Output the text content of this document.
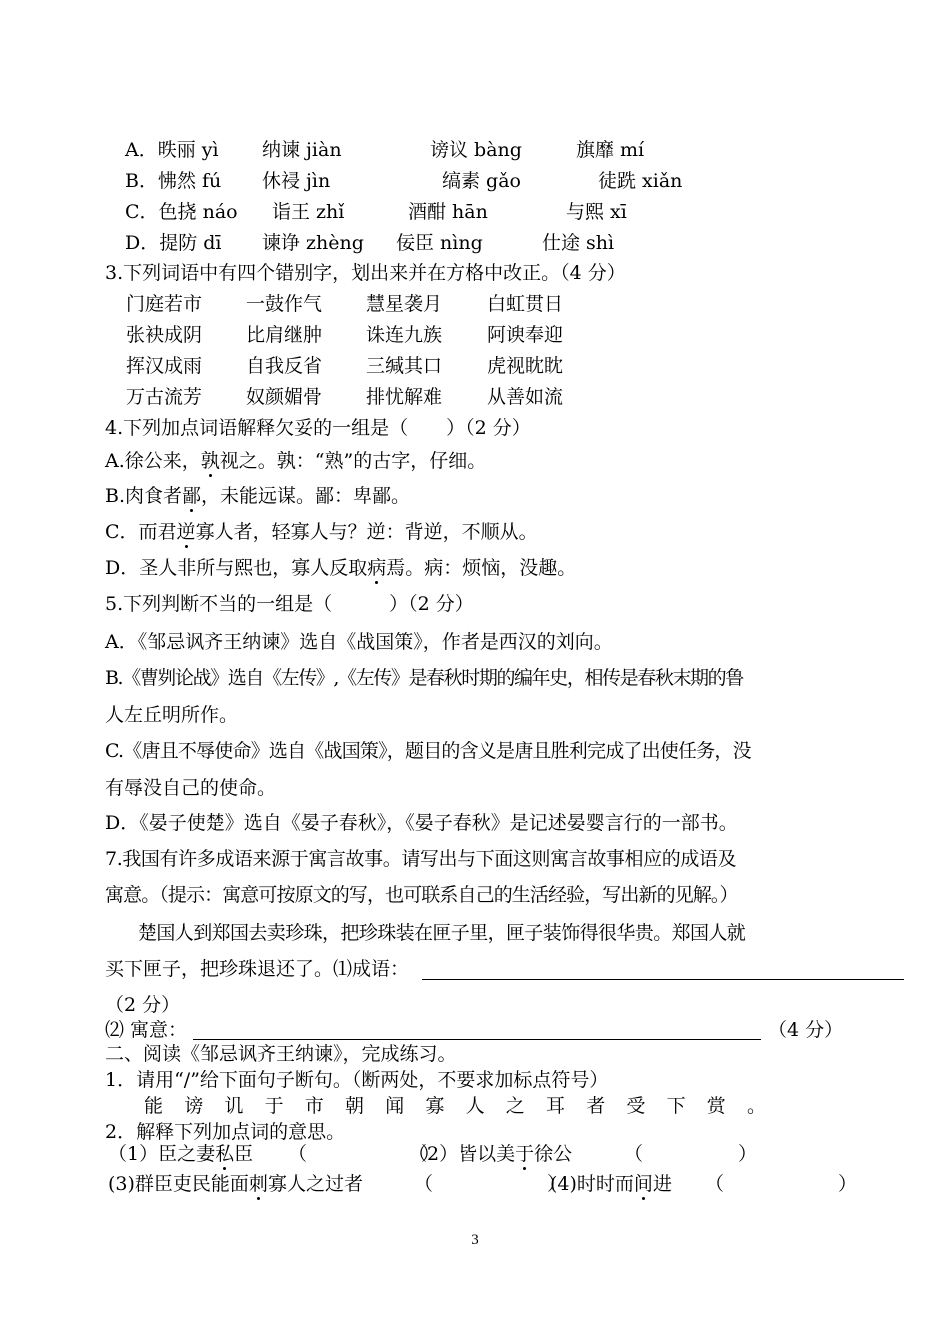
A．昳丽 yì 纳谏 jiàn	谤议 bàng	旗靡 mí
B．怫然 fú 休祲 jìn	缟素 gǎo	徒跣 xiǎn
C．色挠 náo 诣王 zhǐ	酒酣 hān	与熙 xī
D．提防 dī 谏诤 zhèng 佞臣 nìng	仕途 shì
3.下列词语中有四个错别字，划出来并在方格中改正。（4 分）
门庭若市 一鼓作气 慧星袭月 白虹贯日
张袂成阴 比肩继肿 诛连九族 阿谀奉迎
挥汉成雨 自我反省 三缄其口 虎视眈眈
万古流芳 奴颜媚骨 排忧解难 从善如流
4.下列加点词语解释欠妥的一组是（　　）（2 分）
A.徐公来，孰视之。孰：“熟”的古字，仔细。
B.肉食者鄙，未能远谋。鄙：卑鄙。
C．而君逆寡人者，轻寡人与？逆：背逆，不顺从。
D．圣人非所与熙也，寡人反取病焉。病：烦恼，没趣。
5.下列判断不当的一组是（　　　）（2 分）
A．《邹忌讽齐王纳谏》选自《战国策》，作者是西汉的刘向。
B.《曹刿论战》选自《左传》,《左传》是春秋时期的编年史，相传是春秋末期的鲁
人左丘明所作。
C.《唐且不辱使命》选自《战国策》，题目的含义是唐且胜利完成了出使任务，没
有辱没自己的使命。
D．《晏子使楚》选自《晏子春秋》，《晏子春秋》是记述晏婴言行的一部书。
7.我国有许多成语来源于寓言故事。请写出与下面这则寓言故事相应的成语及
寓意。（提示：寓意可按原文的写，也可联系自己的生活经验，写出新的见解。）
楚国人到郑国去卖珍珠，把珍珠装在匣子里，匣子装饰得很华贵。郑国人就
买下匣子，把珍珠退还了。⑴成语：
（2 分）
⑵ 寓意：	（4 分）
二、阅读《邹忌讽齐王纳谏》，完成练习。
1．请用“/”给下面句子断句。（断两处，不要求加标点符号）
能 谤 讥 于 市 朝 闻 寡 人 之 耳 者 受 下 赏 。
2．解释下列加点词的意思。
（1）臣之妻私臣 （　　　　　　）
（2）皆以美于徐公	（　　　　　）
(3)群臣吏民能面刺寡人之过者	（　　　　　　）
(4)时时而间进 （　　　　　　）
3
